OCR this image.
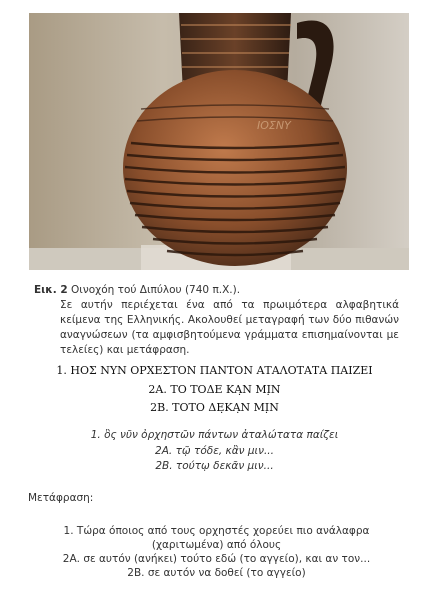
ΙΟΣΝΥ
Εικ. 2 Οινοχόη τού Διπύλου (740 π.Χ.).
Σε αυτήν περιέχεται ένα από τα πρωιμότερα αλφαβητικά κείμενα της Ελληνικής. Ακολουθεί μεταγραφή των δύο πιθανών αναγνώσεων (τα αμφισβητούμενα γράμματα επισημαίνονται με τελείες) και μετάφραση.
1. ΗΟΣ ΝΥΝ ΟΡΧΕΣΤΟΝ ΠΑΝΤΟΝ ΑΤΑΛΟΤΑΤΑ ΠΑΙΖΕΙ
2Α. ΤΟ ΤΟΔΕ ΚΑ̣Ν ΜΙ̣Ν
2Β. ΤΟΤΟ ΔΕ̣ΚΑ̣Ν ΜΙ̣Ν
1. ὃς νῦν ὀρχηστῶν πάντων ἀταλώτατα παίζει
2Α. τῷ τόδε, κἂν μιν...
2Β. τούτῳ δεκᾶν μιν...
Μετάφραση:
1. Τώρα όποιος από τους ορχηστές χορεύει πιο ανάλαφρα (χαριτωμένα) από όλους
2Α. σε αυτόν (ανήκει) τούτο εδώ (το αγγείο), και αν τον...
2Β. σε αυτόν να δοθεί (το αγγείο)
